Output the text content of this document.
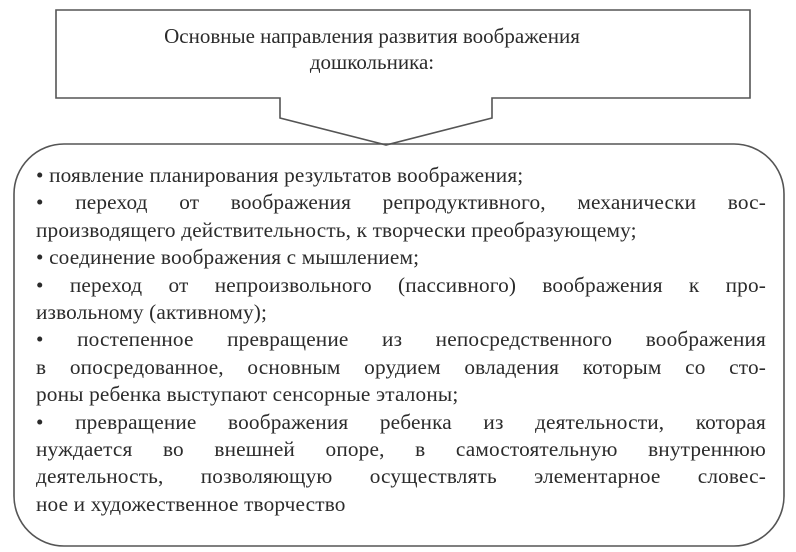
Основные направления развития воображения
дошкольника:
• появление планирования результатов воображения;
• переход от воображения репродуктивного, механически вос-
производящего действительность, к творчески преобразующему;
• соединение воображения с мышлением;
• переход от непроизвольного (пассивного) воображения к про-
извольному (активному);
• постепенное превращение из непосредственного воображения
в опосредованное, основным орудием овладения которым со сто-
роны ребенка выступают сенсорные эталоны;
• превращение воображения ребенка из деятельности, которая
нуждается во внешней опоре, в самостоятельную внутреннюю
деятельность, позволяющую осуществлять элементарное словес-
ное и художественное творчество
